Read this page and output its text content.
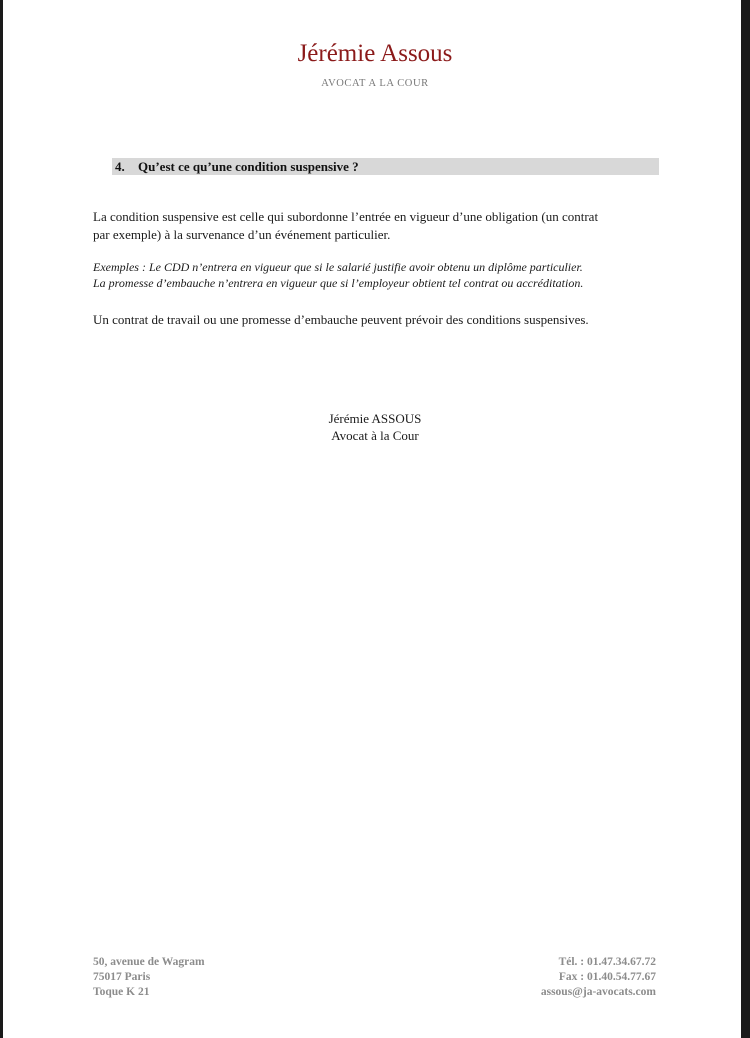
Jérémie Assous
AVOCAT A LA COUR
4. Qu’est ce qu’une condition suspensive ?
La condition suspensive est celle qui subordonne l’entrée en vigueur d’une obligation (un contrat
par exemple) à la survenance d’un événement particulier.
Exemples : Le CDD n’entrera en vigueur que si le salarié justifie avoir obtenu un diplôme particulier.
La promesse d’embauche n’entrera en vigueur que si l’employeur obtient tel contrat ou accréditation.
Un contrat de travail ou une promesse d’embauche peuvent prévoir des conditions suspensives.
Jérémie ASSOUS
Avocat à la Cour
50, avenue de Wagram
75017 Paris
Toque K 21
Tél. : 01.47.34.67.72
Fax : 01.40.54.77.67
assous@ja-avocats.com
